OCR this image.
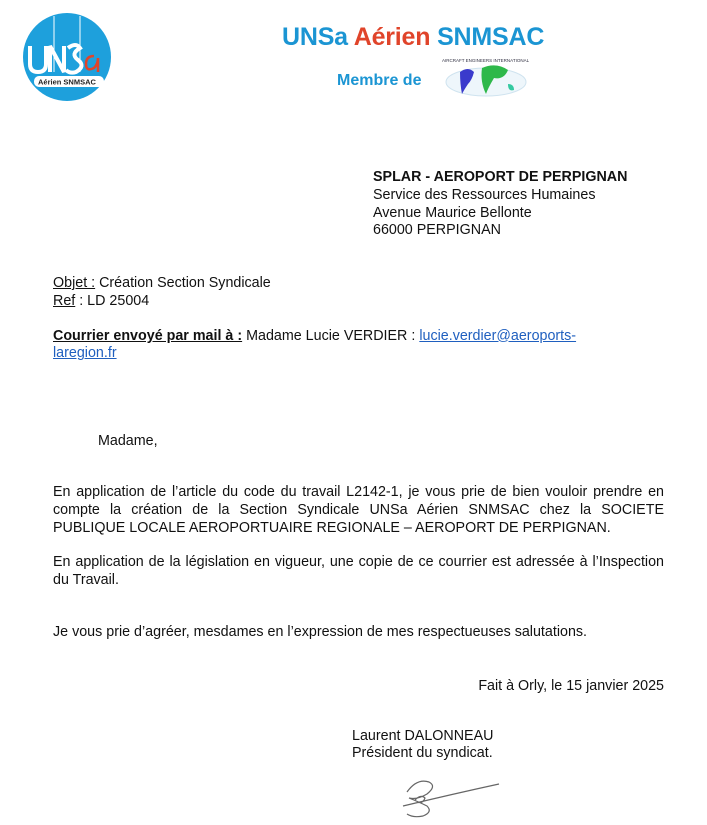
Aérien SNMSAC
UNSa Aérien SNMSAC
Membre de
AIRCRAFT ENGINEERS INTERNATIONAL
SPLAR - AEROPORT DE PERPIGNAN
Service des Ressources Humaines
Avenue Maurice Bellonte
66000 PERPIGNAN
Objet : Création Section Syndicale
Ref : LD 25004
Courrier envoyé par mail à : Madame Lucie VERDIER : lucie.verdier@aeroports-laregion.fr
Madame,
En application de l’article du code du travail L2142-1, je vous prie de bien vouloir prendre en compte la création de la Section Syndicale UNSa Aérien SNMSAC chez la SOCIETE PUBLIQUE LOCALE AEROPORTUAIRE REGIONALE – AEROPORT DE PERPIGNAN.
En application de la législation en vigueur, une copie de ce courrier est adressée à l’Inspection du Travail.
Je vous prie d’agréer, mesdames en l’expression de mes respectueuses salutations.
Fait à Orly, le 15 janvier 2025
Laurent DALONNEAU
Président du syndicat.
